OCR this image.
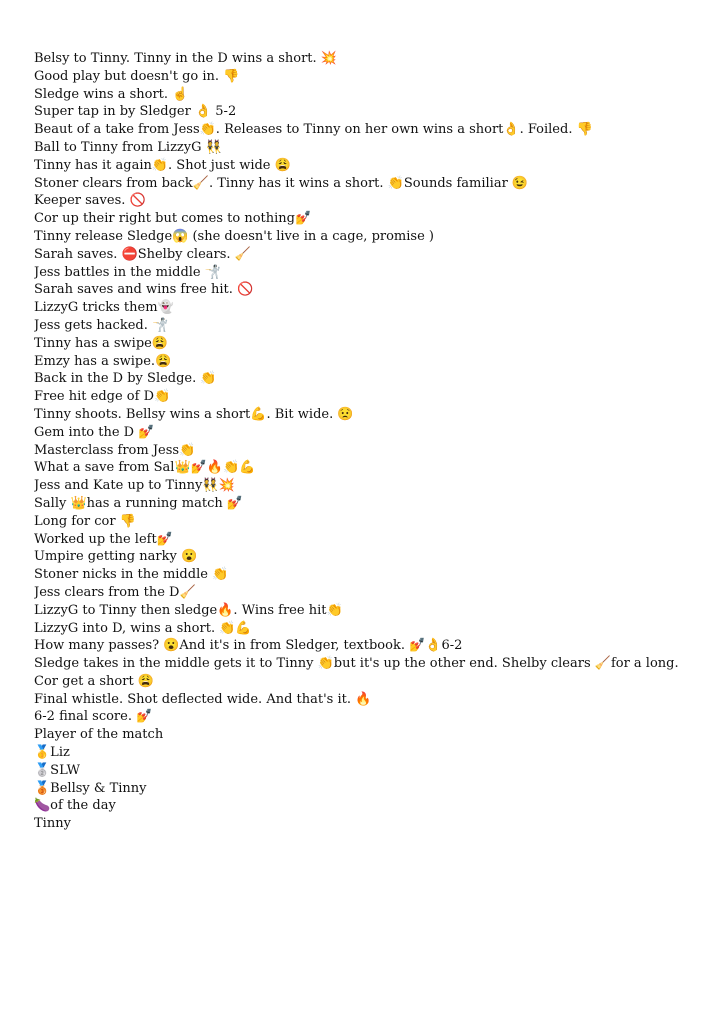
Belsy to Tinny. Tinny in the D wins a short. 💥
Good play but doesn't go in. 👎
Sledge wins a short. ☝️
Super tap in by Sledger 👌 5-2
Beaut of a take from Jess👏. Releases to Tinny on her own wins a short👌. Foiled. 👎
Ball to Tinny from LizzyG 👯
Tinny has it again👏. Shot just wide 😩
Stoner clears from back🧹. Tinny has it wins a short. 👏Sounds familiar 😉
Keeper saves. 🚫
Cor up their right but comes to nothing💅
Tinny release Sledge😱 (she doesn't live in a cage, promise )
Sarah saves. ⛔Shelby clears. 🧹
Jess battles in the middle 🤺
Sarah saves and wins free hit. 🚫
LizzyG tricks them👻
Jess gets hacked. 🤺
Tinny has a swipe😩
Emzy has a swipe.😩
Back in the D by Sledge. 👏
Free hit edge of D👏
Tinny shoots. Bellsy wins a short💪. Bit wide. 😟
Gem into the D 💅
Masterclass from Jess👏
What a save from Sal👑💅🔥👏💪
Jess and Kate up to Tinny👯💥
Sally 👑has a running match 💅
Long for cor 👎
Worked up the left💅
Umpire getting narky 😮
Stoner nicks in the middle 👏
Jess clears from the D🧹
LizzyG to Tinny then sledge🔥. Wins free hit👏
LizzyG into D, wins a short. 👏💪
How many passes? 😮And it's in from Sledger, textbook. 💅👌6-2
Sledge takes in the middle gets it to Tinny 👏but it's up the other end. Shelby clears 🧹for a long.
Cor get a short 😩
Final whistle. Shot deflected wide. And that's it. 🔥
6-2 final score. 💅
Player of the match
🥇Liz
🥈SLW
🥉Bellsy & Tinny
🍆of the day
Tinny
